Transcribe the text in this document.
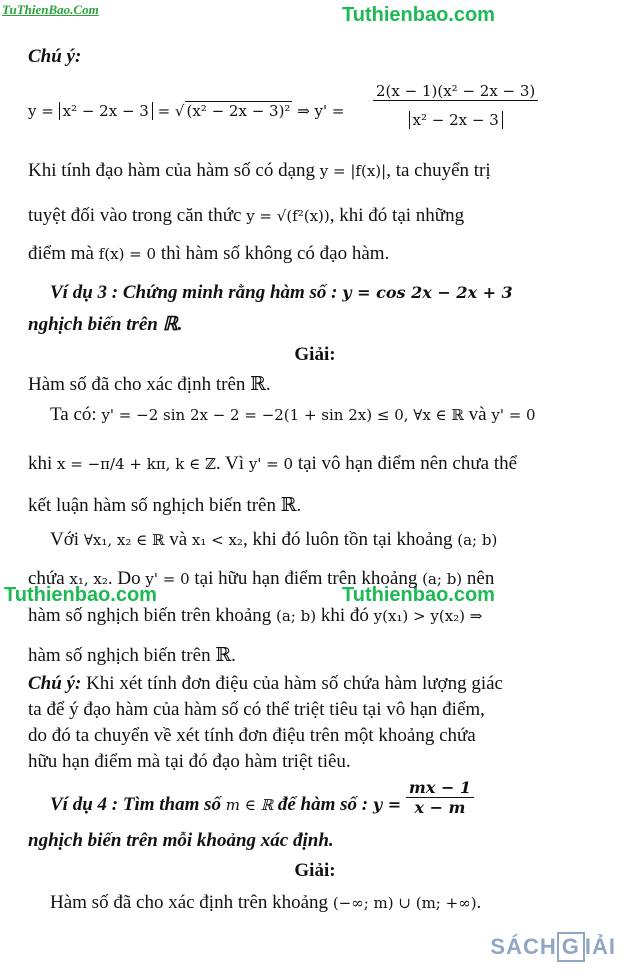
TuThienBao.Com	Tuthienbao.com
Tuthienbao.com	Tuthienbao.com
Chú ý:
y = x² − 2x − 3 = √ (x² − 2x − 3)² ⇒ $y' = \frac{\text{2(x − 1)(x² − 2x − 3)}}{\text{x² − 2x − 3}}$
Khi tính đạo hàm của hàm số có dạng y = |f(x)|, ta chuyển trị
tuyệt đối vào trong căn thức y = √(f²(x)), khi đó tại những
điểm mà f(x) = 0 thì hàm số không có đạo hàm.
Ví dụ 3 : Chứng minh rằng hàm số : y = cos 2x − 2x + 3
nghịch biến trên ℝ.
Giải:
Hàm số đã cho xác định trên ℝ.
Ta có: y' = −2 sin 2x − 2 = −2(1 + sin 2x) ≤ 0, ∀x ∈ ℝ và y' = 0
khi x = −π/4 + kπ, k ∈ ℤ. Vì y' = 0 tại vô hạn điểm nên chưa thể
kết luận hàm số nghịch biến trên ℝ.
Với ∀x₁, x₂ ∈ ℝ và x₁ < x₂, khi đó luôn tồn tại khoảng (a; b)
chứa x₁, x₂. Do y' = 0 tại hữu hạn điểm trên khoảng (a; b) nên
hàm số nghịch biến trên khoảng (a; b) khi đó y(x₁) > y(x₂) ⇒
hàm số nghịch biến trên ℝ.
Chú ý: Khi xét tính đơn điệu của hàm số chứa hàm lượng giác
ta để ý đạo hàm của hàm số có thể triệt tiêu tại vô hạn điểm,
do đó ta chuyển về xét tính đơn điệu trên một khoảng chứa
hữu hạn điểm mà tại đó đạo hàm triệt tiêu.
Ví dụ 4 : Tìm tham số m ∈ ℝ để hàm số : $y = \frac{mx - 1}{x - m}$
nghịch biến trên mỗi khoảng xác định.
Giải:
Hàm số đã cho xác định trên khoảng (−∞; m) ∪ (m; +∞).
SÁCH G IẢI
